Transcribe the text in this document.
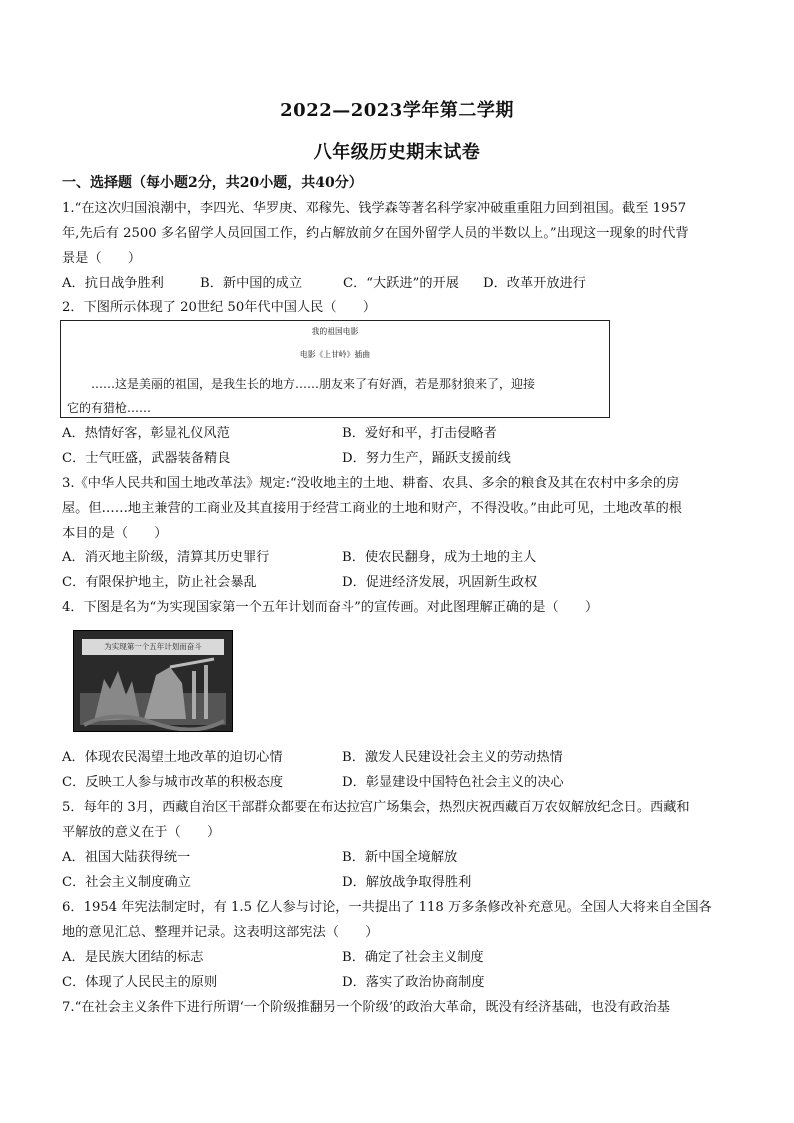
2022—2023学年第二学期
八年级历史期末试卷
一、选择题（每小题2分，共20小题，共40分）
1.“在这次归国浪潮中，李四光、华罗庚、邓稼先、钱学森等著名科学家冲破重重阻力回到祖国。截至 1957
年,先后有 2500 多名留学人员回国工作，约占解放前夕在国外留学人员的半数以上。”出现这一现象的时代背
景是（　　）
A．抗日战争胜利	B．新中国的成立	C．“大跃进”的开展 D．改革开放进行
2．下图所示体现了 20世纪 50年代中国人民（　　）
我的祖国电影
电影《上甘岭》插曲
……这是美丽的祖国，是我生长的地方……朋友来了有好酒，若是那豺狼来了，迎接
它的有猎枪……
A．热情好客，彰显礼仪风范	B．爱好和平，打击侵略者
C．士气旺盛，武器装备精良	D．努力生产，踊跃支援前线
3.《中华人民共和国土地改革法》规定:“没收地主的土地、耕畜、农具、多余的粮食及其在农村中多余的房
屋。但……地主兼营的工商业及其直接用于经营工商业的土地和财产，不得没收。”由此可见，土地改革的根
本目的是（　　）
A．消灭地主阶级，清算其历史罪行	B．使农民翻身，成为土地的主人
C．有限保护地主，防止社会暴乱	D．促进经济发展，巩固新生政权
4．下图是名为“为实现国家第一个五年计划而奋斗”的宣传画。对此图理解正确的是（　　）
为实现第一个五年计划而奋斗
A．体现农民渴望土地改革的迫切心情	B．激发人民建设社会主义的劳动热情
C．反映工人参与城市改革的积极态度	D．彰显建设中国特色社会主义的决心
5．每年的 3月，西藏自治区干部群众都要在布达拉宫广场集会，热烈庆祝西藏百万农奴解放纪念日。西藏和
平解放的意义在于（　　）
A．祖国大陆获得统一	B．新中国全境解放
C．社会主义制度确立	D．解放战争取得胜利
6．1954 年宪法制定时，有 1.5 亿人参与讨论，一共提出了 118 万多条修改补充意见。全国人大将来自全国各
地的意见汇总、整理并记录。这表明这部宪法（　　）
A．是民族大团结的标志	B．确定了社会主义制度
C．体现了人民民主的原则	D．落实了政治协商制度
7.“在社会主义条件下进行所谓‘一个阶级推翻另一个阶级’的政治大革命，既没有经济基础，也没有政治基
